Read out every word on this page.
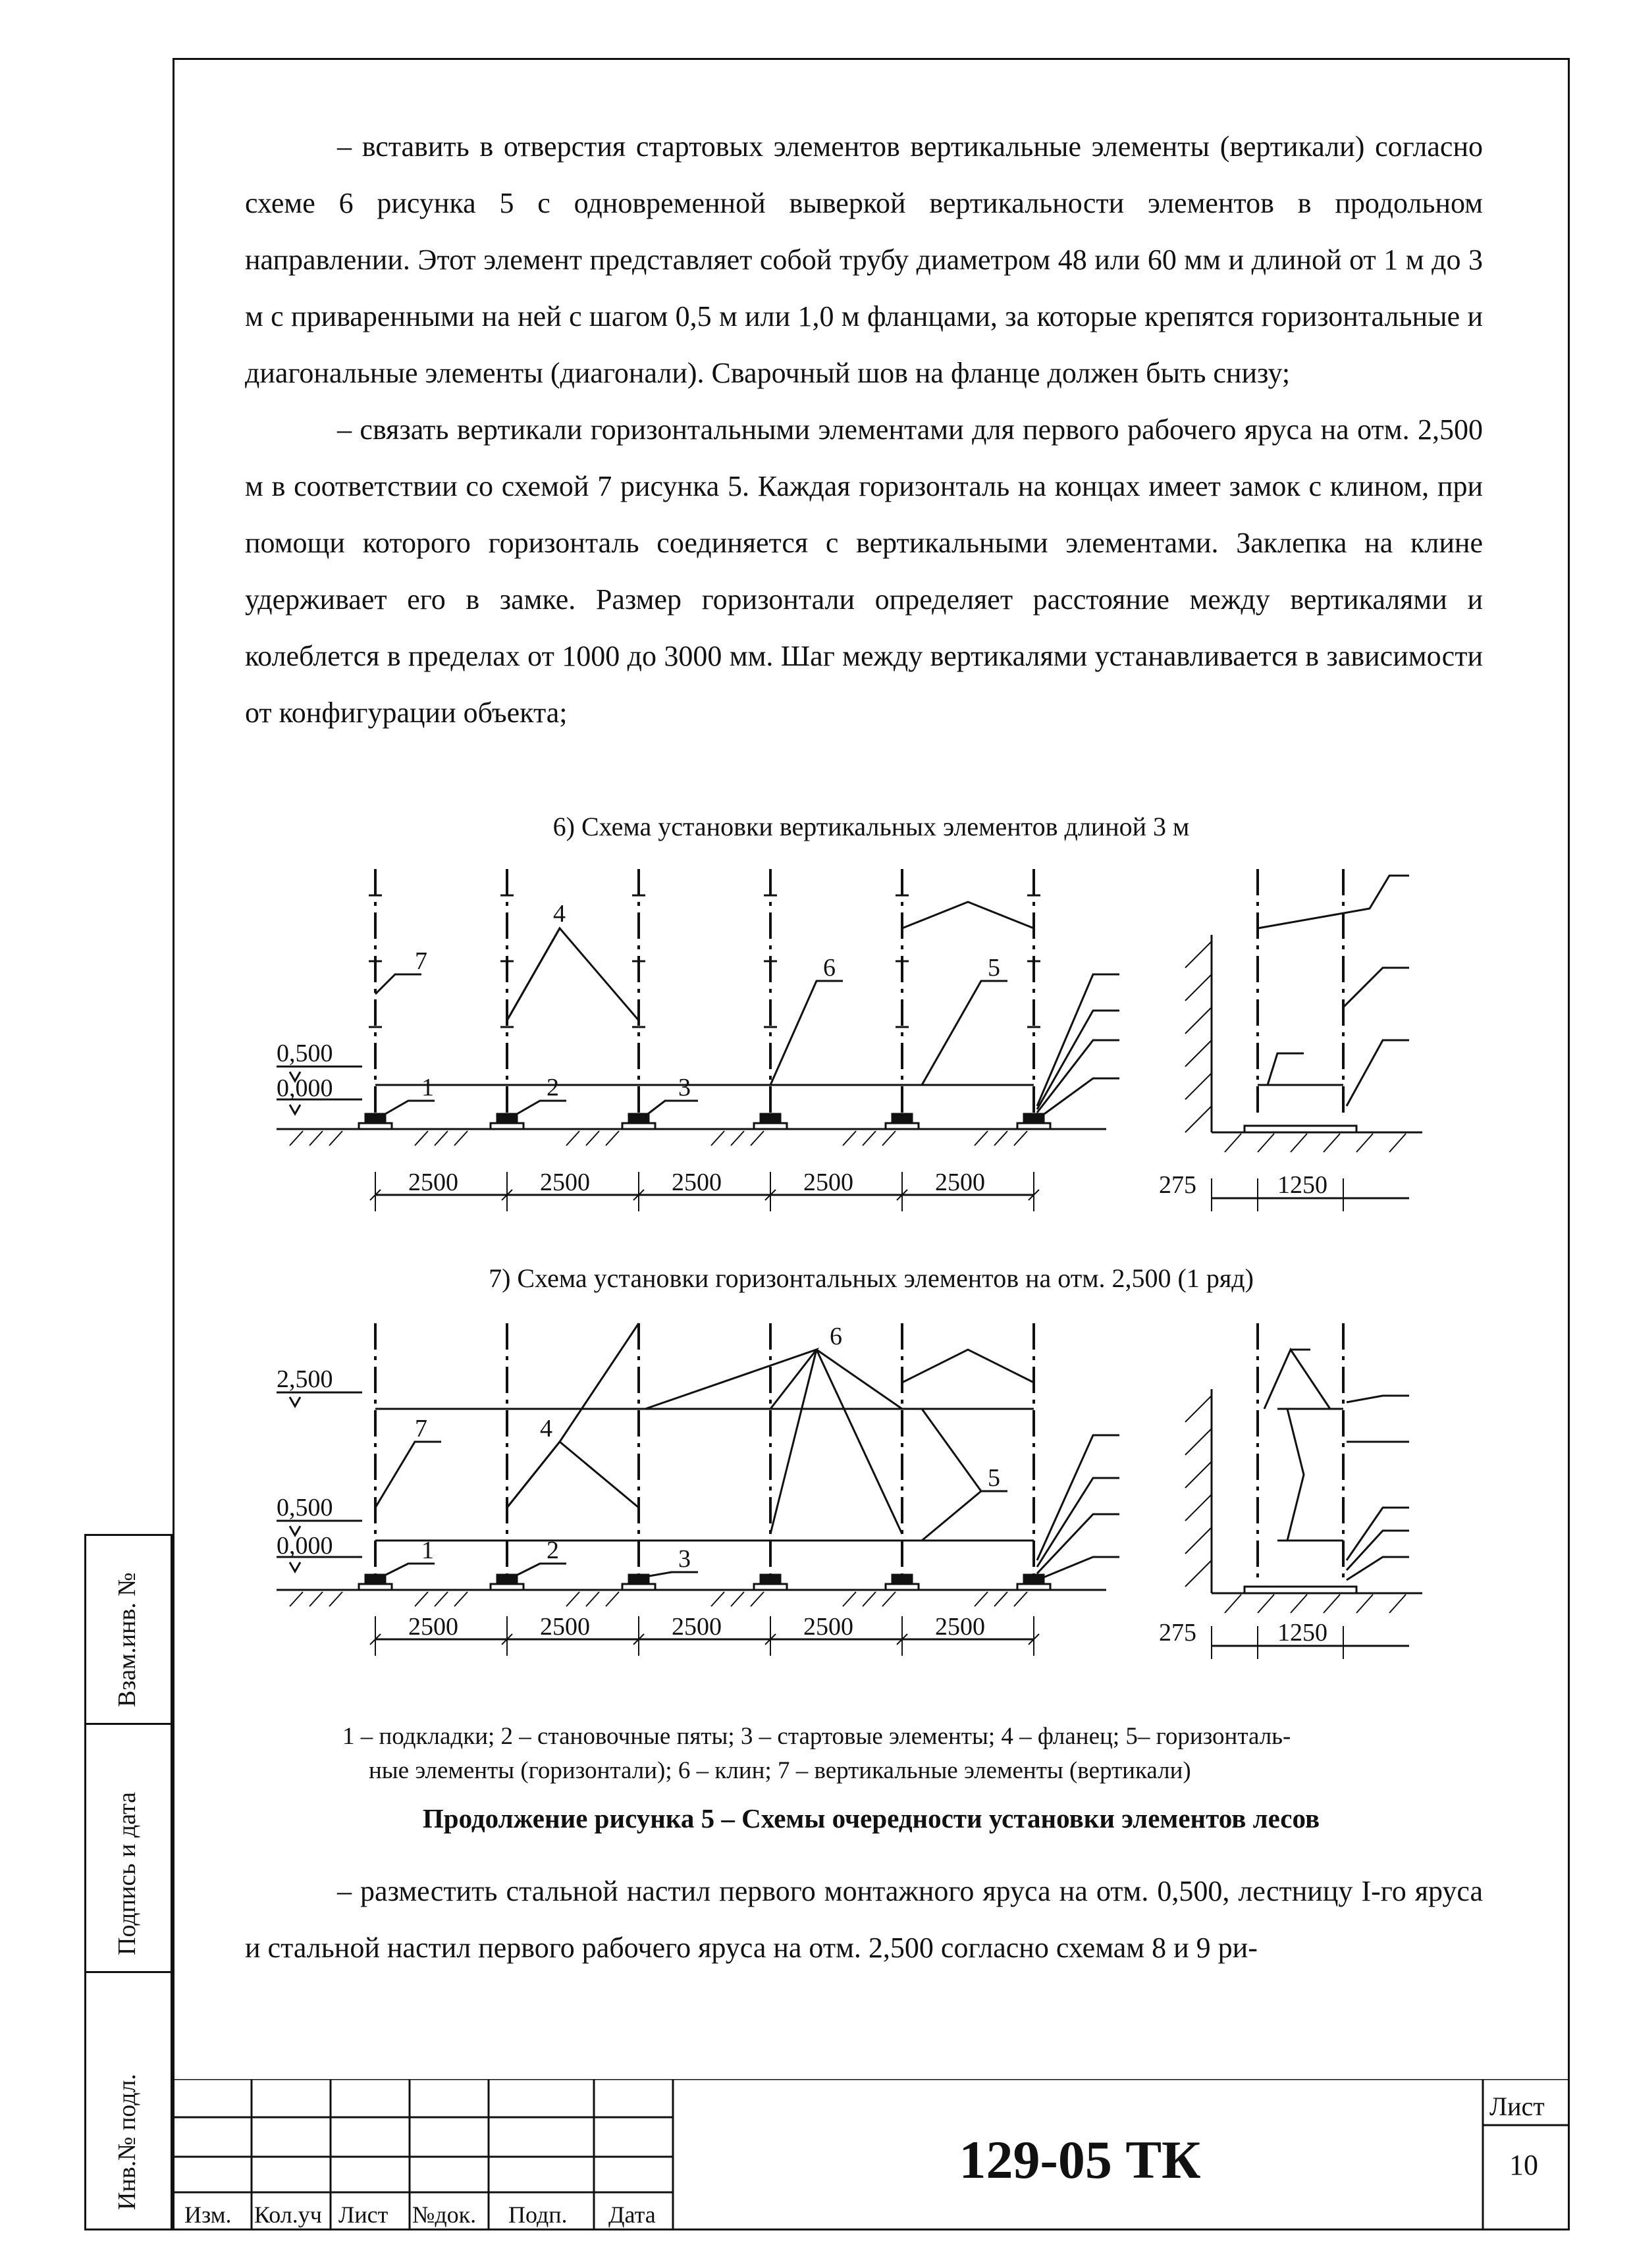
– вставить в отверстия стартовых элементов вертикальные элементы (вертикали) согласно схеме 6 рисунка 5 с одновременной выверкой вертикальности элементов в продольном направлении. Этот элемент представляет собой трубу диаметром 48 или 60 мм и длиной от 1 м до 3 м с приваренными на ней с шагом 0,5 м или 1,0 м фланцами, за которые крепятся горизонтальные и диагональные элементы (диагонали). Сварочный шов на фланце должен быть снизу;

– связать вертикали горизонтальными элементами для первого рабочего яруса на отм. 2,500 м в соответствии со схемой 7 рисунка 5. Каждая горизонталь на концах имеет замок с клином, при помощи которого горизонталь соединяется с вертикальными элементами. Заклепка на клине удерживает его в замке. Размер горизонтали определяет расстояние между вертикалями и колеблется в пределах от 1000 до 3000 мм. Шаг между вертикалями устанавливается в зависимости от конфигурации объекта;

6) Схема установки вертикальных элементов длиной 3 м
0,500
0,000
2500	2500	2500	2500	2500	275	1250
7
4
6	5
1	2	3
7) Схема установки горизонтальных элементов на отм. 2,500 (1 ряд)
2,500
0,500
0,000
2500	2500	2500	2500	2500	275	1250
7	4
6
5
1	2	3
1 – подкладки; 2 – становочные пяты; 3 – стартовые элементы; 4 – фланец; 5– горизонталь-
ные элементы (горизонтали); 6 – клин; 7 – вертикальные элементы (вертикали)
Продолжение рисунка 5 – Схемы очередности установки элементов лесов

– разместить стальной настил первого монтажного яруса на отм. 0,500, лестницу I-го яруса и стальной настил первого рабочего яруса на отм. 2,500 согласно схемам 8 и 9 ри-

Взам.инв. №
Подпись и дата
Инв.№ подл.
Изм. Кол.уч Лист №док. Подп. Дата
Лист
10
129-05 ТК
